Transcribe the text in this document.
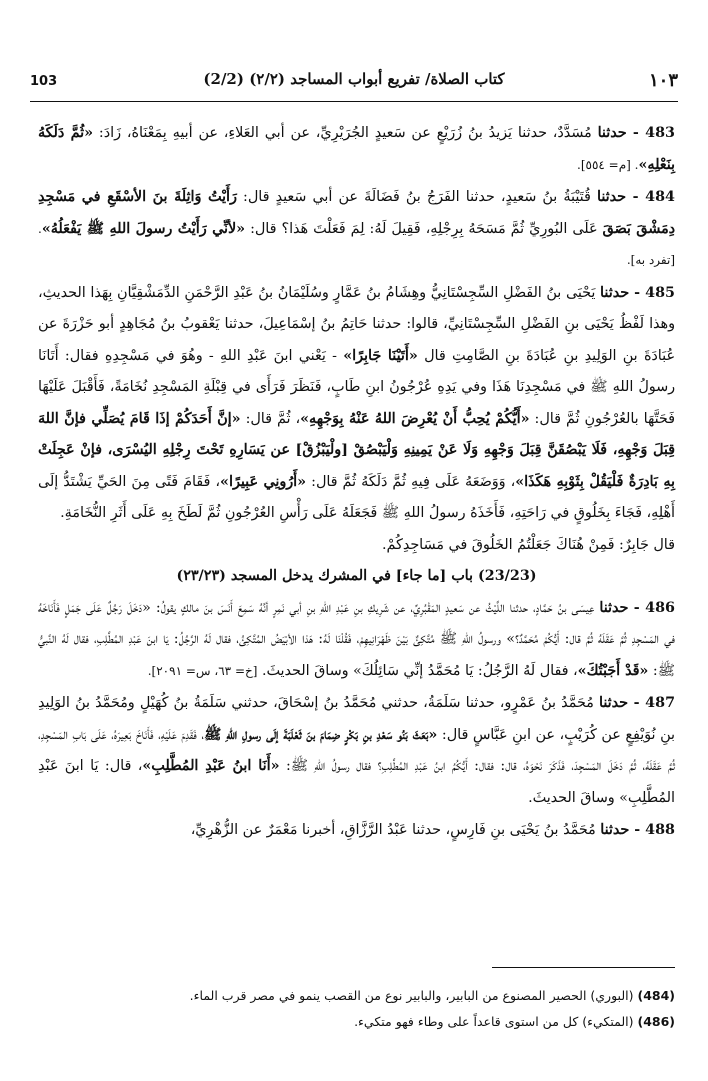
١٠٣
(2/2) كتاب الصلاة/ تفريع أبواب المساجد (٢/٢)
103

483 - حدثنا مُسَدَّدٌ، حدثنا يَزيدُ بنُ زُرَيْعٍ عن سَعيدٍ الجُرَيْرِيِّ، عن أبي العَلاءِ، عن أبيهِ بِمَعْنَاهُ، زَادَ: «ثُمَّ دَلَكَهُ بِنَعْلِهِ». [م= ٥٥٤].

484 - حدثنا قُتَيْبَةُ بنُ سَعيدٍ، حدثنا الفَرَجُ بنُ فَضَالَةَ عن أبي سَعيدٍ قال: رَأَيْتُ وَاثِلَةَ بنَ الأسْقَعِ في مَسْجِدِ دِمَشْقَ بَصَقَ عَلَى البُورِيِّ ثُمَّ مَسَحَهُ بِرِجْلِهِ، فَقِيلَ لَهُ: لِمَ فَعَلْتَ هَذا؟ قال: «لأنِّي رَأَيْتُ رسولَ اللهِ ﷺ يَفْعَلُهُ». [تفرد به].

485 - حدثنا يَحْيَى بنُ الفَضْلِ السِّجِسْتَانِيُّ وهِشَامُ بنُ عَمَّارٍ وسُلَيْمَانُ بنُ عَبْدِ الرَّحْمَنِ الدِّمَشْقِيَّانِ بِهَذا الحديثِ، وهذا لَفْظُ يَحْيَى بنِ الفَضْلِ السِّجِسْتَانِيِّ، قالوا: حدثنا حَاتِمُ بنُ إسْمَاعِيلَ، حدثنا يَعْقوبُ بنُ مُجَاهِدٍ أبو حَزْرَةَ عن عُبَادَةَ بنِ الوَلِيدِ بنِ عُبَادَةَ بنِ الصَّامِتِ قال «أَتَيْنَا جَابِرًا» - يَعْني ابنَ عَبْدِ اللهِ - وهُوَ في مَسْجِدِهِ فقال: أَتَانَا رسولُ اللهِ ﷺ في مَسْجِدِنَا هَذَا وفي يَدِهِ عُرْجُونُ ابنِ طَابٍ، فَنَظَرَ فَرَأَى في قِبْلَةِ المَسْجِدِ نُخَامَةً، فَأَقْبَلَ عَلَيْهَا فَحَتَّهَا بالعُرْجُونِ ثُمَّ قال: «أَيُّكُمْ يُحِبُّ أَنْ يُعْرِضَ اللهُ عَنْهُ بِوَجْهِهِ»، ثُمَّ قال: «إنَّ أَحَدَكُمْ إذَا قَامَ يُصَلِّي فإنَّ اللهَ قِبَلَ وَجْهِهِ، فَلَا يَبْصُقَنَّ قِبَلَ وَجْهِهِ وَلَا عَنْ يَمِينِهِ وَلْيَبْصُقْ [ولْيَبْزُقْ] عن يَسَارِهِ تَحْتَ رِجْلِهِ اليُسْرَى، فإنْ عَجِلَتْ بِهِ بَادِرَةٌ فَلْيَقُلْ بِثَوْبِهِ هَكَذَا»، وَوَضَعَهُ عَلَى فِيهِ ثُمَّ دَلَكَهُ ثُمَّ قال: «أَرُونِي عَبِيرًا»، فَقَامَ فَتًى مِنَ الحَيِّ يَشْتَدُّ إلَى أَهْلِهِ، فَجَاءَ بِخَلُوقٍ في رَاحَتِهِ، فَأَخَذَهُ رسولُ اللهِ ﷺ فَجَعَلَهُ عَلَى رَأْسِ العُرْجُونِ ثُمَّ لَطَخَ بِهِ عَلَى أَثَرِ النُّخَامَةِ.

قال جَابِرٌ: فَمِنْ هُنَاكَ جَعَلْتُمُ الخَلُوقَ في مَسَاجِدِكُمْ.

(23/23) باب [ما جاء] في المشرك يدخل المسجد (٢٣/٢٣)

486 - حدثنا عِيسَى بنُ حَمَّادٍ، حدثنا اللَّيْثُ عن سَعيدٍ المَقْبُرِيِّ، عن شَرِيكِ بنِ عَبْدِ اللهِ بنِ أبي نَمِرٍ أنَّهُ سَمِعَ أَنَسَ بنَ مالكٍ يقولُ: «دَخَلَ رَجُلٌ عَلَى جَمَلٍ فَأَنَاخَهُ في المَسْجِدِ ثُمَّ عَقَلَهُ ثُمَّ قال: أَيُّكُمْ مُحَمَّدٌ؟» ورسولُ اللهِ ﷺ مُتَّكِئٌ بَيْنَ ظَهْرَانِيهِمْ، فَقُلْنَا لَهُ: هَذا الأبْيَضُ المُتَّكِئُ، فقال لَهُ الرَّجُلُ: يَا ابنَ عَبْدِ المُطَّلِبِ، فقال لَهُ النَّبيُّ ﷺ: «قَدْ أَجَبْتُكَ»، فقال لَهُ الرَّجُلُ: يَا مُحَمَّدُ إنِّي سَائِلُكَ» وساقَ الحديثَ. [خ= ٦٣، س= ٢٠٩١].

487 - حدثنا مُحَمَّدُ بنُ عَمْرٍو، حدثنا سَلَمَةُ، حدثني مُحَمَّدُ بنُ إسْحَاقَ، حدثني سَلَمَةُ بنُ كُهَيْلٍ ومُحَمَّدُ بنُ الوَلِيدِ بنِ نُوَيْفِعٍ عن كُرَيْبٍ، عن ابنِ عَبَّاسٍ قال: «بَعَثَ بَنُو سَعْدِ بنِ بَكْرٍ ضِمَامَ بنَ ثَعْلَبَةَ إلَى رسولِ اللهِ ﷺ، فَقَدِمَ عَلَيْهِ، فَأَنَاخَ بَعِيرَهُ، عَلَى بَابِ المَسْجِدِ، ثُمَّ عَقَلَهُ، ثُمَّ دَخَلَ المَسْجِدَ، فَذَكَرَ نَحْوَهُ، قال: فقال: أَيُّكُمُ ابنُ عَبْدِ المُطَّلِبِ؟ فقال رسولُ اللهِ ﷺ: «أَنَا ابنُ عَبْدِ المُطَّلِبِ»، قال: يَا ابنَ عَبْدِ المُطَّلِبِ» وساقَ الحديثَ.

488 - حدثنا مُحَمَّدُ بنُ يَحْيَى بنِ فَارِسٍ، حدثنا عَبْدُ الرَّزَّاقِ، أخبرنا مَعْمَرٌ عن الزُّهْرِيِّ،

(484) (البوري) الحصير المصنوع من البابير، والبابير نوع من القصب ينمو في مصر قرب الماء.

(486) (المتكيء) كل من استوى قاعداً على وطاء فهو متكيء.
